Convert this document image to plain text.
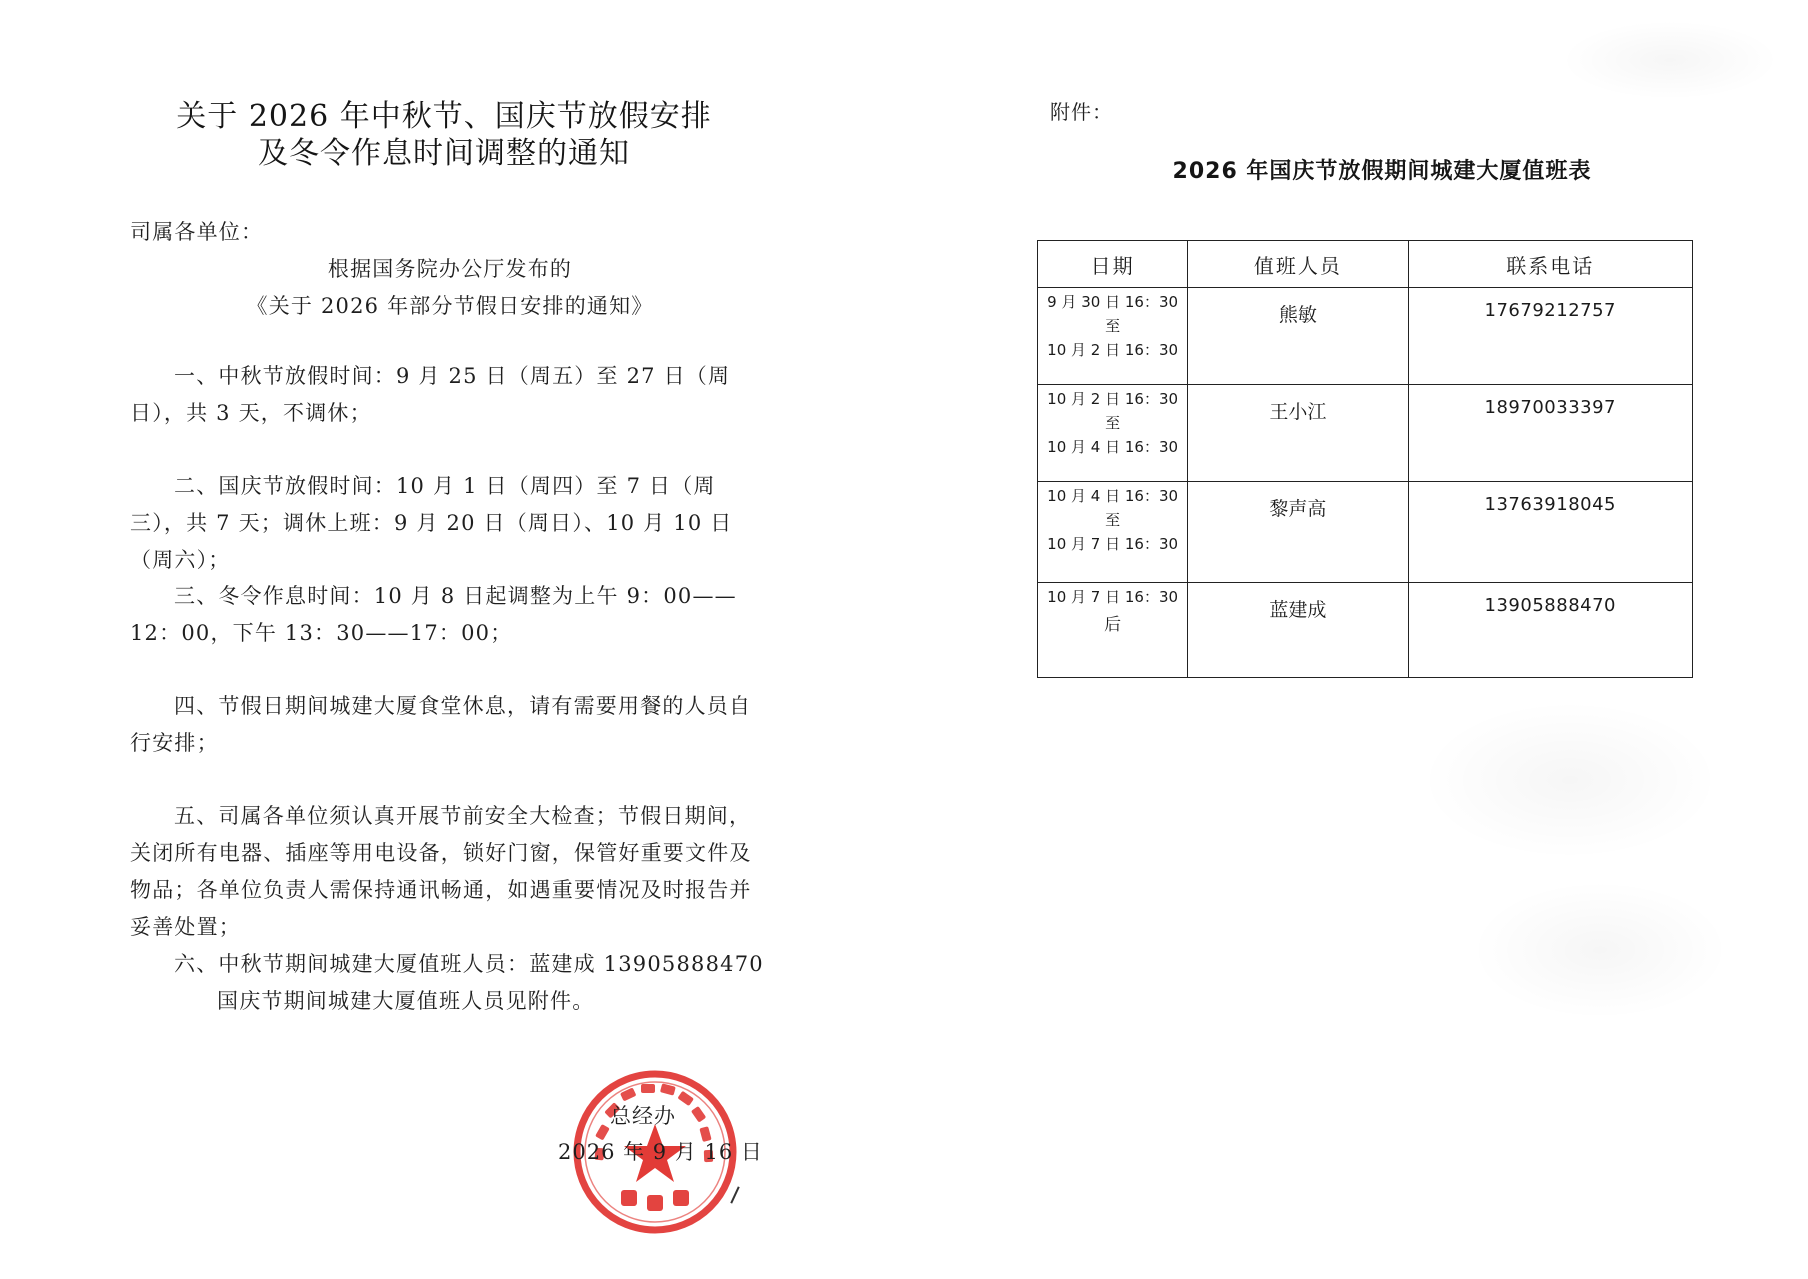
关于 2026 年中秋节、国庆节放假安排
及冬令作息时间调整的通知
司属各单位：
根据国务院办公厅发布的
《关于 2026 年部分节假日安排的通知》

一、中秋节放假时间：9 月 25 日（周五）至 27 日（周日），共 3 天，不调休；

二、国庆节放假时间：10 月 1 日（周四）至 7 日（周三），共 7 天；调休上班：9 月 20 日（周日）、10 月 10 日（周六）；

三、冬令作息时间：10 月 8 日起调整为上午 9：00——12：00，下午 13：30——17：00；

四、节假日期间城建大厦食堂休息，请有需要用餐的人员自行安排；

五、司属各单位须认真开展节前安全大检查；节假日期间，关闭所有电器、插座等用电设备，锁好门窗，保管好重要文件及物品；各单位负责人需保持通讯畅通，如遇重要情况及时报告并妥善处置；

六、中秋节期间城建大厦值班人员：蓝建成 13905888470
国庆节期间城建大厦值班人员见附件。
总经办
2026 年 9 月 16 日
附件：
2026 年国庆节放假期间城建大厦值班表
日期	值班人员	联系电话

9 月 30 日 16：30
至
10 月 2 日 16：30	熊敏	17679212757

10 月 2 日 16：30
至
10 月 4 日 16：30	王小江	18970033397

10 月 4 日 16：30
至
10 月 7 日 16：30	黎声高	13763918045

10 月 7 日 16：30
后	蓝建成	13905888470
